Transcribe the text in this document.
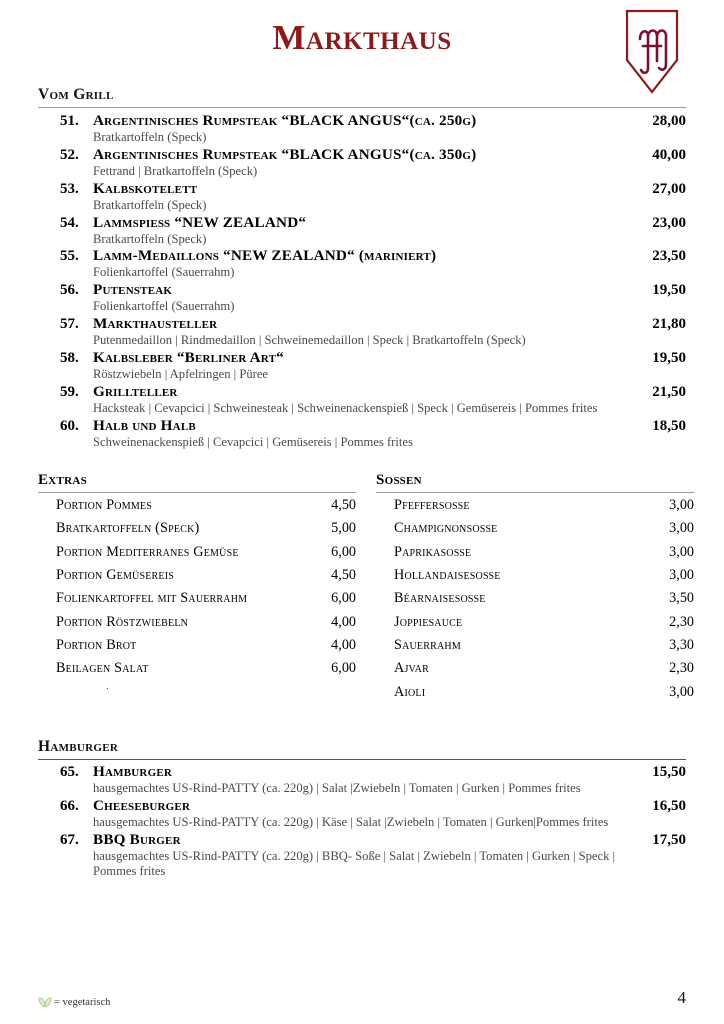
Markthaus
Vom Grill
51. Argentinisches Rumpsteak “BLACK ANGUS“(ca. 250g)	28,00
Bratkartoffeln (Speck)
52. Argentinisches Rumpsteak “BLACK ANGUS“(ca. 350g)	40,00
Fettrand | Bratkartoffeln (Speck)
53. Kalbskotelett	27,00
Bratkartoffeln (Speck)
54. Lammspieß “NEW ZEALAND“	23,00
Bratkartoffeln (Speck)
55. Lamm-Medaillons “NEW ZEALAND“ (mariniert)	23,50
Folienkartoffel (Sauerrahm)
56. Putensteak	19,50
Folienkartoffel (Sauerrahm)
57. Markthausteller	21,80
Putenmedaillon | Rindmedaillon | Schweinemedaillon | Speck | Bratkartoffeln (Speck)
58. Kalbsleber “Berliner Art“	19,50
Röstzwiebeln | Apfelringen | Püree
59. Grillteller	21,50
Hacksteak | Cevapcici | Schweinesteak | Schweinenackenspieß | Speck | Gemüsereis | Pommes frites
60. Halb und Halb	18,50
Schweinenackenspieß | Cevapcici | Gemüsereis | Pommes frites
Extras
Portion Pommes	4,50
Bratkartoffeln (Speck)	5,00
Portion Mediterranes Gemüse	6,00
Portion Gemüsereis	4,50
Folienkartoffel mit Sauerrahm	6,00
Portion Röstzwiebeln	4,00
Portion Brot	4,00
Beilagen Salat	6,00
.
Soßen
Pfeffersoße	3,00
Champignonsoße	3,00
Paprikasoße	3,00
Hollandaisesoße	3,00
Béarnaisesoße	3,50
Joppiesauce	2,30
Sauerrahm	3,30
Ajvar	2,30
Aioli	3,00
Hamburger
65. Hamburger	15,50
hausgemachtes US-Rind-PATTY (ca. 220g) | Salat |Zwiebeln | Tomaten | Gurken | Pommes frites
66. Cheeseburger	16,50
hausgemachtes US-Rind-PATTY (ca. 220g) | Käse | Salat |Zwiebeln | Tomaten | Gurken|Pommes frites
67. BBQ Burger	17,50
hausgemachtes US-Rind-PATTY (ca. 220g) | BBQ- Soße | Salat | Zwiebeln | Tomaten | Gurken | Speck | Pommes frites
= vegetarisch	4
